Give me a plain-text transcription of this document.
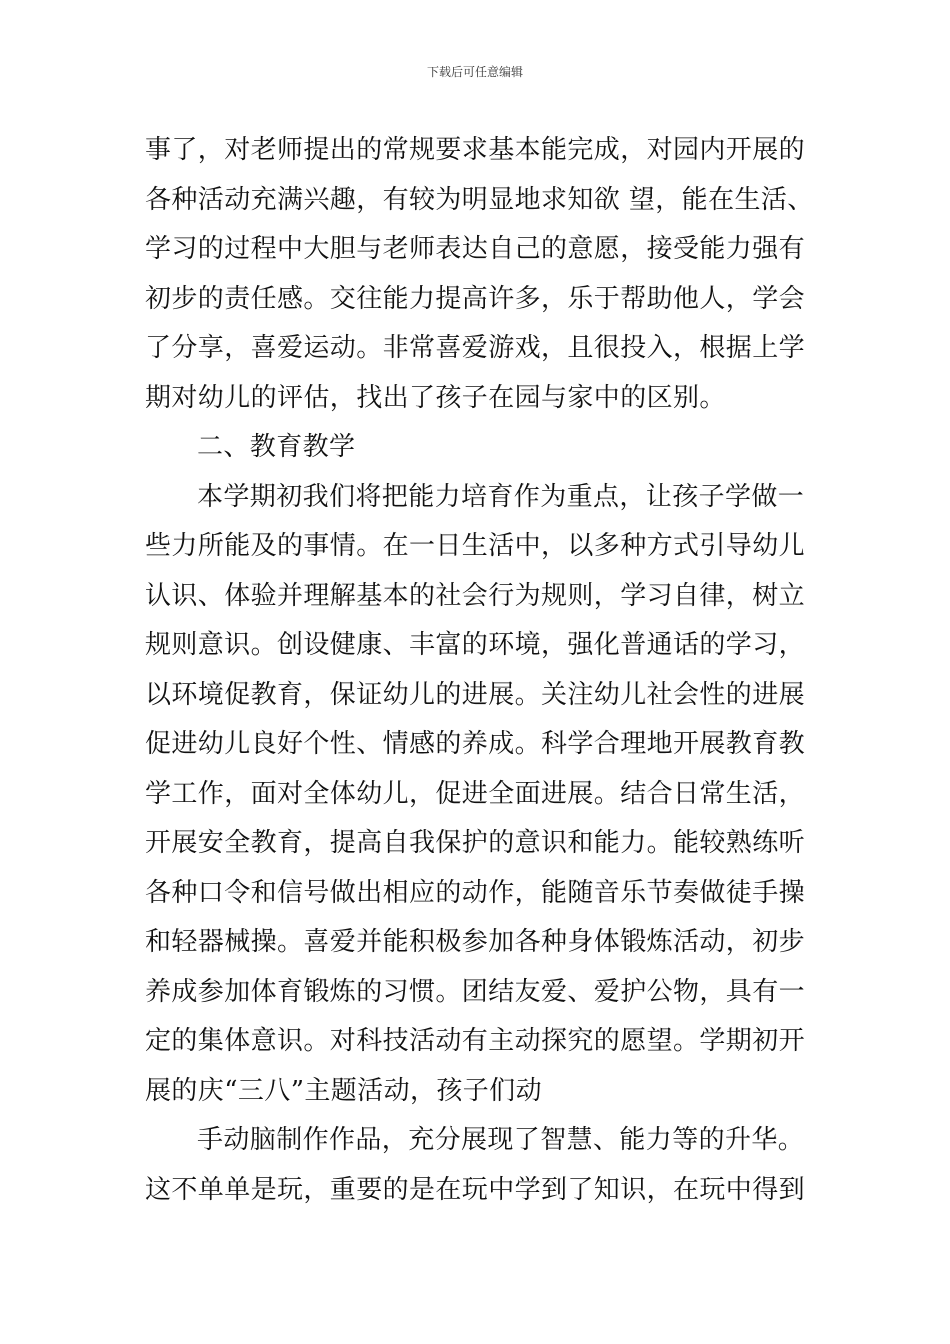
下载后可任意编辑
事了，对老师提出的常规要求基本能完成，对园内开展的
各种活动充满兴趣，有较为明显地求知欲 望，能在生活、
学习的过程中大胆与老师表达自己的意愿，接受能力强有
初步的责任感。交往能力提高许多，乐于帮助他人，学会
了分享，喜爱运动。非常喜爱游戏，且很投入，根据上学
期对幼儿的评估，找出了孩子在园与家中的区别。
二、教育教学
本学期初我们将把能力培育作为重点，让孩子学做一
些力所能及的事情。在一日生活中，以多种方式引导幼儿
认识、体验并理解基本的社会行为规则，学习自律，树立
规则意识。创设健康、丰富的环境，强化普通话的学习，
以环境促教育，保证幼儿的进展。关注幼儿社会性的进展
促进幼儿良好个性、情感的养成。科学合理地开展教育教
学工作，面对全体幼儿，促进全面进展。结合日常生活，
开展安全教育，提高自我保护的意识和能力。能较熟练听
各种口令和信号做出相应的动作，能随音乐节奏做徒手操
和轻器械操。喜爱并能积极参加各种身体锻炼活动，初步
养成参加体育锻炼的习惯。团结友爱、爱护公物，具有一
定的集体意识。对科技活动有主动探究的愿望。学期初开
展的庆“三八”主题活动，孩子们动
手动脑制作作品，充分展现了智慧、能力等的升华。
这不单单是玩，重要的是在玩中学到了知识，在玩中得到
